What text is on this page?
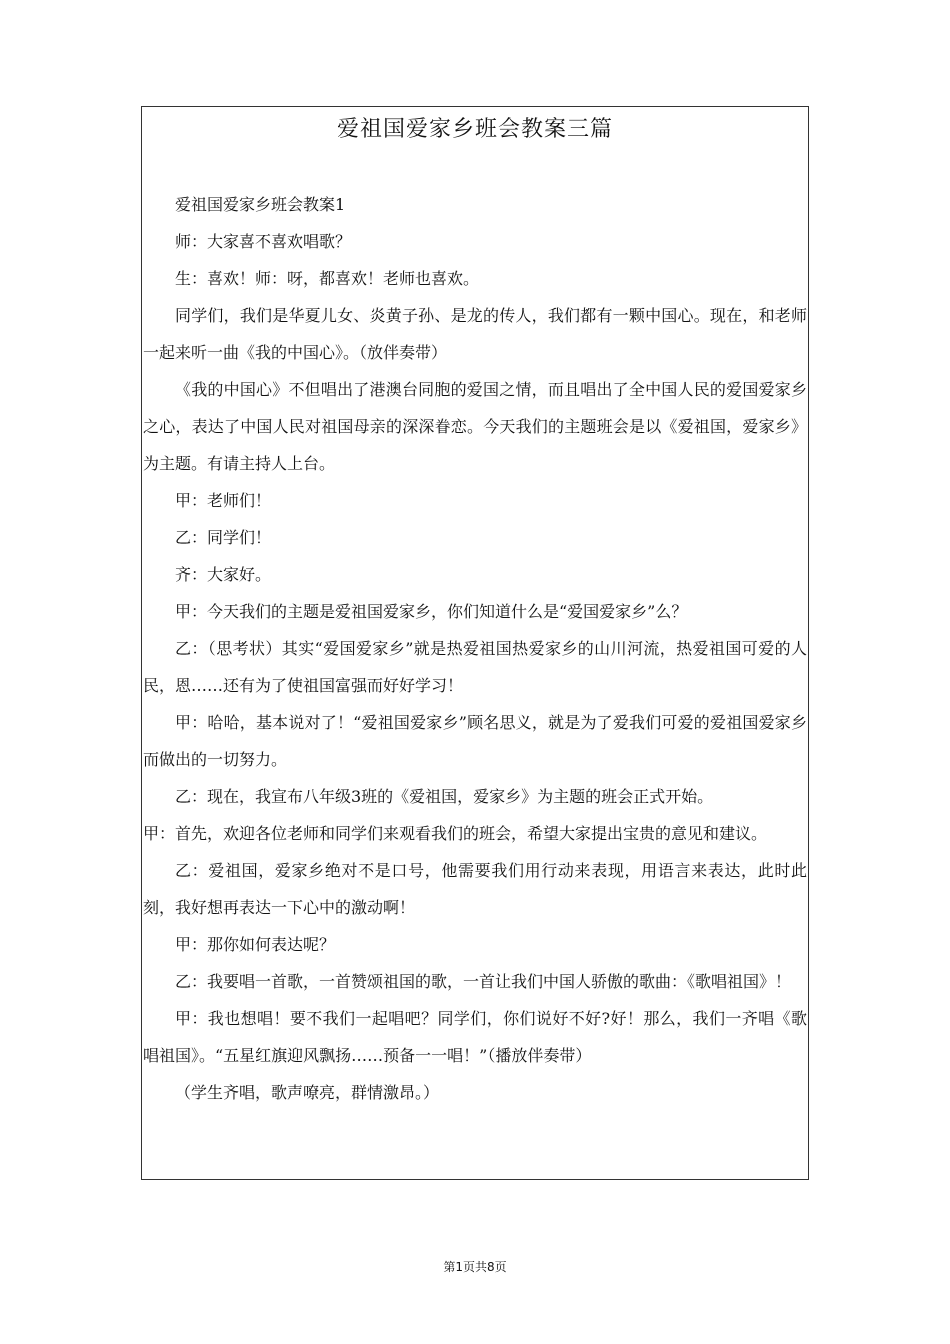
爱祖国爱家乡班会教案三篇

爱祖国爱家乡班会教案1

师：大家喜不喜欢唱歌？

生：喜欢！师：呀，都喜欢！老师也喜欢。

同学们，我们是华夏儿女、炎黄子孙、是龙的传人，我们都有一颗中国心。现在，和老师一起来听一曲《我的中国心》。（放伴奏带）

《我的中国心》不但唱出了港澳台同胞的爱国之情，而且唱出了全中国人民的爱国爱家乡之心，表达了中国人民对祖国母亲的深深眷恋。今天我们的主题班会是以《爱祖国，爱家乡》为主题。有请主持人上台。

甲：老师们！

乙：同学们！

齐：大家好。

甲：今天我们的主题是爱祖国爱家乡，你们知道什么是“爱国爱家乡”么？

乙：（思考状）其实“爱国爱家乡”就是热爱祖国热爱家乡的山川河流，热爱祖国可爱的人民，恩……还有为了使祖国富强而好好学习！

甲：哈哈，基本说对了！“爱祖国爱家乡”顾名思义，就是为了爱我们可爱的爱祖国爱家乡而做出的一切努力。

乙：现在，我宣布八年级3班的《爱祖国，爱家乡》为主题的班会正式开始。

甲：首先，欢迎各位老师和同学们来观看我们的班会，希望大家提出宝贵的意见和建议。

乙：爱祖国，爱家乡绝对不是口号，他需要我们用行动来表现，用语言来表达，此时此刻，我好想再表达一下心中的激动啊！

甲：那你如何表达呢？

乙：我要唱一首歌，一首赞颂祖国的歌，一首让我们中国人骄傲的歌曲：《歌唱祖国》！

甲：我也想唱！要不我们一起唱吧？同学们，你们说好不好?好！那么，我们一齐唱《歌唱祖国》。“五星红旗迎风飘扬……预备一一唱！”（播放伴奏带）

（学生齐唱，歌声嘹亮，群情激昂。）

第1页共8页
